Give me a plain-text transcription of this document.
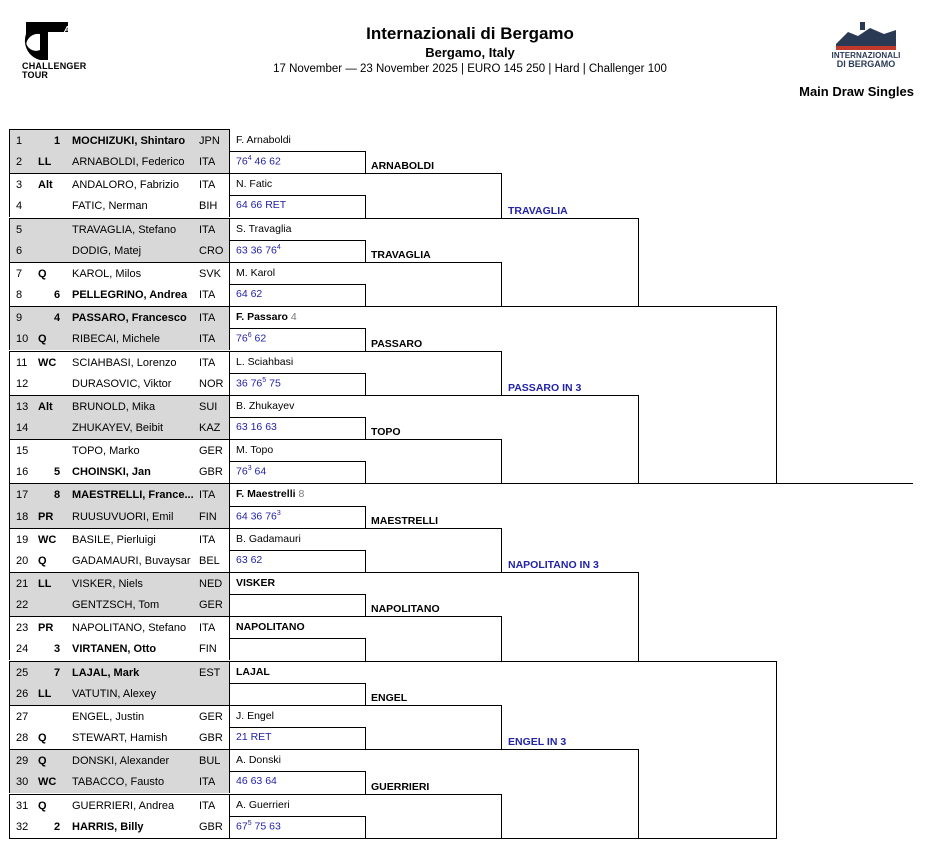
ATP
CHALLENGER
TOUR
Internazionali di Bergamo
Bergamo, Italy
17 November — 23 November 2025 | EURO 145 250 | Hard | Challenger 100
INTERNAZIONALI
DI BERGAMO
Main Draw Singles
1	1 MOCHIZUKI, Shintaro	JPN
2 LL ARNABOLDI, Federico	ITA
3 Alt ANDALORO, Fabrizio	ITA
4	FATIC, Nerman	BIH
5	TRAVAGLIA, Stefano	ITA
6	DODIG, Matej	CRO
7 Q KAROL, Milos	SVK
8	6 PELLEGRINO, Andrea	ITA
9	4 PASSARO, Francesco	ITA
10 Q RIBECAI, Michele	ITA
11 WC SCIAHBASI, Lorenzo	ITA
12	DURASOVIC, Viktor	NOR
13 Alt BRUNOLD, Mika	SUI
14	ZHUKAYEV, Beibit	KAZ
15	TOPO, Marko	GER
16 5 CHOINSKI, Jan	GBR
17 8 MAESTRELLI, France... ITA
18 PR RUUSUVUORI, Emil	FIN
19 WC BASILE, Pierluigi	ITA
20 Q GADAMAURI, Buvaysar BEL
21 LL VISKER, Niels	NED
22	GENTZSCH, Tom	GER
23 PR NAPOLITANO, Stefano	ITA
24 3 VIRTANEN, Otto	FIN
25 7 LAJAL, Mark	EST
26 LL VATUTIN, Alexey
27	ENGEL, Justin	GER
28 Q STEWART, Hamish	GBR
29 Q DONSKI, Alexander	BUL
30 WC TABACCO, Fausto	ITA
31 Q GUERRIERI, Andrea	ITA
32 2 HARRIS, Billy	GBR
F. Arnaboldi
$76^4$ 46 62
N. Fatic
64 66 RET
S. Travaglia
63 36 $76^4$
M. Karol
64 62
F. Passaro 4
$76^6$ 62
L. Sciahbasi
36 $76^5$ 75
B. Zhukayev
63 16 63
M. Topo
$76^3$ 64
F. Maestrelli 8
64 36 $76^3$
B. Gadamauri
63 62
VISKER
NAPOLITANO
LAJAL
J. Engel
21 RET
A. Donski
46 63 64
A. Guerrieri
$67^5$ 75 63
ARNABOLDI
TRAVAGLIA
PASSARO
TOPO
MAESTRELLI
NAPOLITANO
ENGEL
GUERRIERI
TRAVAGLIA
PASSARO IN 3
NAPOLITANO IN 3
ENGEL IN 3
